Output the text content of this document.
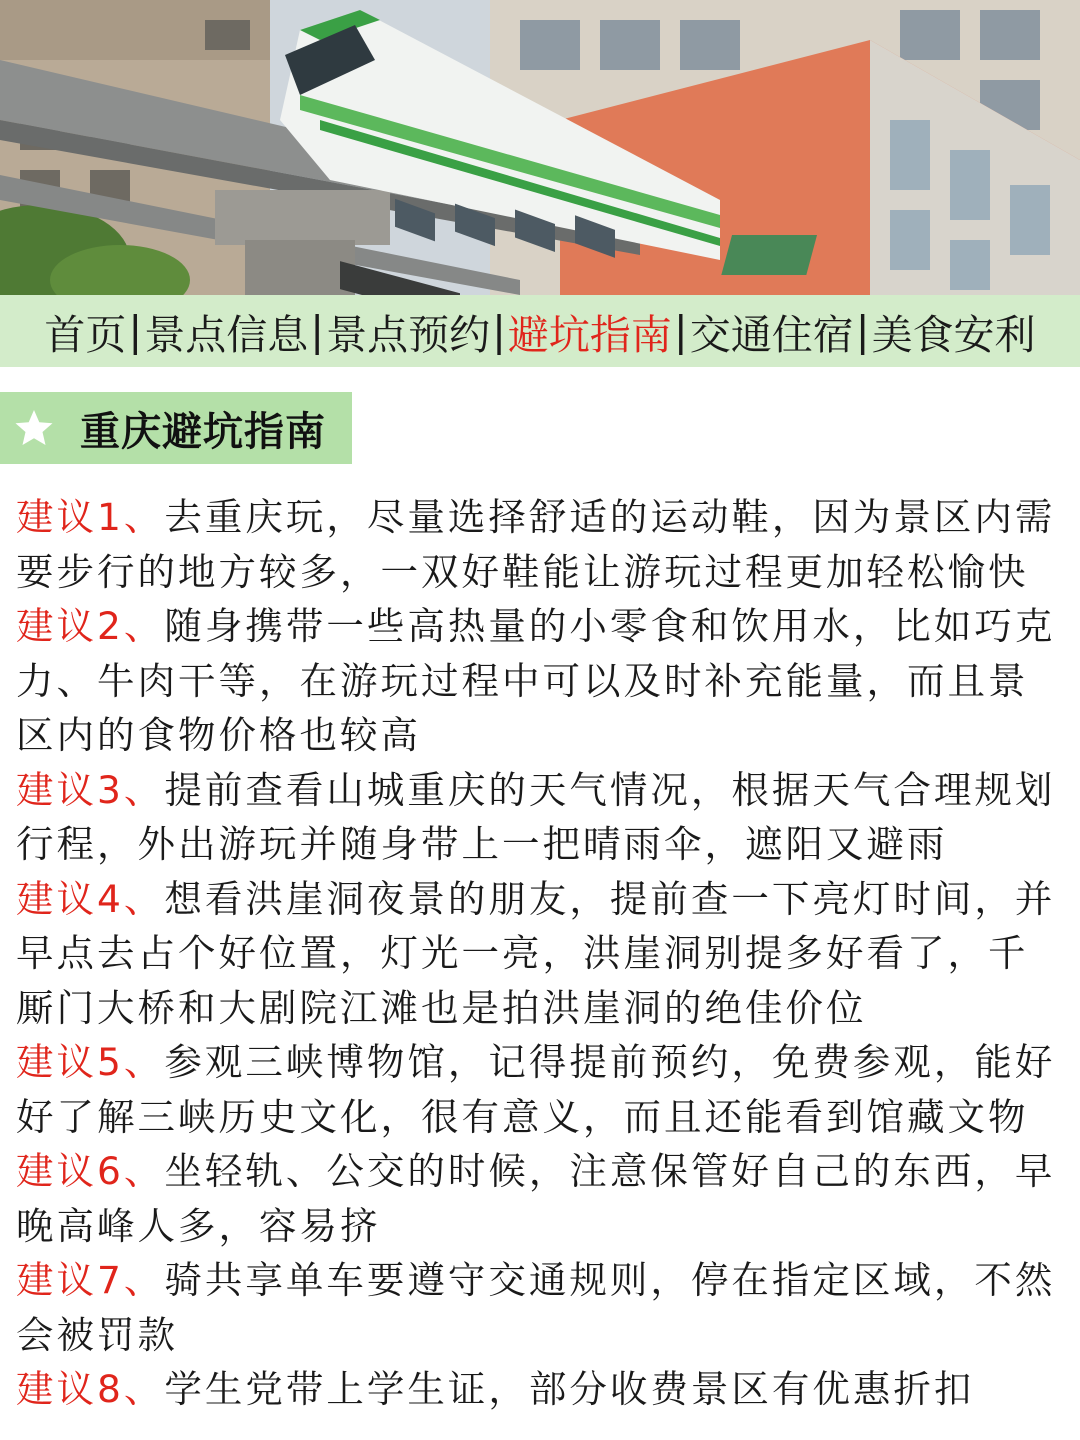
首页 | 景点信息 | 景点预约 | 避坑指南 | 交通住宿 | 美食安利
重庆避坑指南

建议1、去重庆玩，尽量选择舒适的运动鞋，因为景区内需要步行的地方较多，一双好鞋能让游玩过程更加轻松愉快

建议2、随身携带一些高热量的小零食和饮用水，比如巧克力、牛肉干等，在游玩过程中可以及时补充能量，而且景区内的食物价格也较高

建议3、提前查看山城重庆的天气情况，根据天气合理规划行程，外出游玩并随身带上一把晴雨伞，遮阳又避雨

建议4、想看洪崖洞夜景的朋友，提前查一下亮灯时间，并早点去占个好位置，灯光一亮，洪崖洞别提多好看了，千厮门大桥和大剧院江滩也是拍洪崖洞的绝佳价位

建议5、参观三峡博物馆，记得提前预约，免费参观，能好好了解三峡历史文化，很有意义，而且还能看到馆藏文物

建议6、坐轻轨、公交的时候，注意保管好自己的东西，早晚高峰人多，容易挤

建议7、骑共享单车要遵守交通规则，停在指定区域，不然会被罚款

建议8、学生党带上学生证，部分收费景区有优惠折扣
